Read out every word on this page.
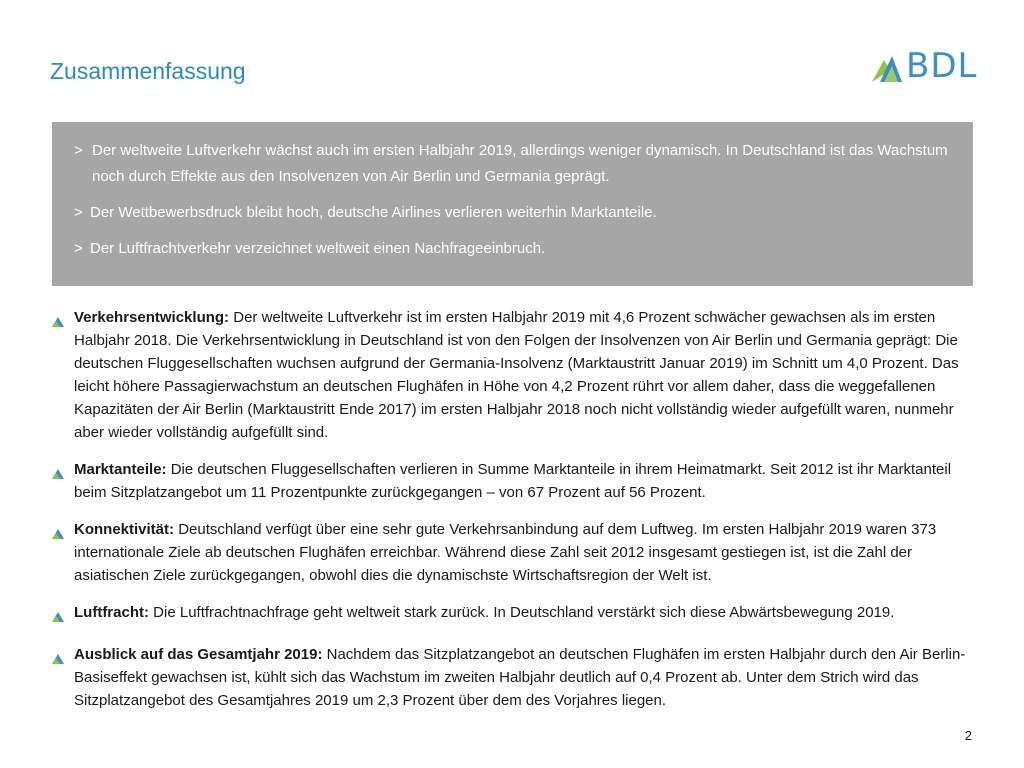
Zusammenfassung	BDL
> Der weltweite Luftverkehr wächst auch im ersten Halbjahr 2019, allerdings weniger dynamisch. In Deutschland ist das Wachstum noch durch Effekte aus den Insolvenzen von Air Berlin und Germania geprägt.
> Der Wettbewerbsdruck bleibt hoch, deutsche Airlines verlieren weiterhin Marktanteile.
> Der Luftfrachtverkehr verzeichnet weltweit einen Nachfrageeinbruch.
Verkehrsentwicklung: Der weltweite Luftverkehr ist im ersten Halbjahr 2019 mit 4,6 Prozent schwächer gewachsen als im ersten Halbjahr 2018. Die Verkehrsentwicklung in Deutschland ist von den Folgen der Insolvenzen von Air Berlin und Germania geprägt: Die deutschen Fluggesellschaften wuchsen aufgrund der Germania-Insolvenz (Marktaustritt Januar 2019) im Schnitt um 4,0 Prozent. Das leicht höhere Passagierwachstum an deutschen Flughäfen in Höhe von 4,2 Prozent rührt vor allem daher, dass die weggefallenen Kapazitäten der Air Berlin (Marktaustritt Ende 2017) im ersten Halbjahr 2018 noch nicht vollständig wieder aufgefüllt waren, nunmehr aber wieder vollständig aufgefüllt sind.
Marktanteile: Die deutschen Fluggesellschaften verlieren in Summe Marktanteile in ihrem Heimatmarkt. Seit 2012 ist ihr Marktanteil beim Sitzplatzangebot um 11 Prozentpunkte zurückgegangen – von 67 Prozent auf 56 Prozent.
Konnektivität: Deutschland verfügt über eine sehr gute Verkehrsanbindung auf dem Luftweg. Im ersten Halbjahr 2019 waren 373 internationale Ziele ab deutschen Flughäfen erreichbar. Während diese Zahl seit 2012 insgesamt gestiegen ist, ist die Zahl der asiatischen Ziele zurückgegangen, obwohl dies die dynamischste Wirtschaftsregion der Welt ist.
Luftfracht: Die Luftfrachtnachfrage geht weltweit stark zurück. In Deutschland verstärkt sich diese Abwärtsbewegung 2019.
Ausblick auf das Gesamtjahr 2019: Nachdem das Sitzplatzangebot an deutschen Flughäfen im ersten Halbjahr durch den Air Berlin-Basiseffekt gewachsen ist, kühlt sich das Wachstum im zweiten Halbjahr deutlich auf 0,4 Prozent ab. Unter dem Strich wird das Sitzplatzangebot des Gesamtjahres 2019 um 2,3 Prozent über dem des Vorjahres liegen.
2
